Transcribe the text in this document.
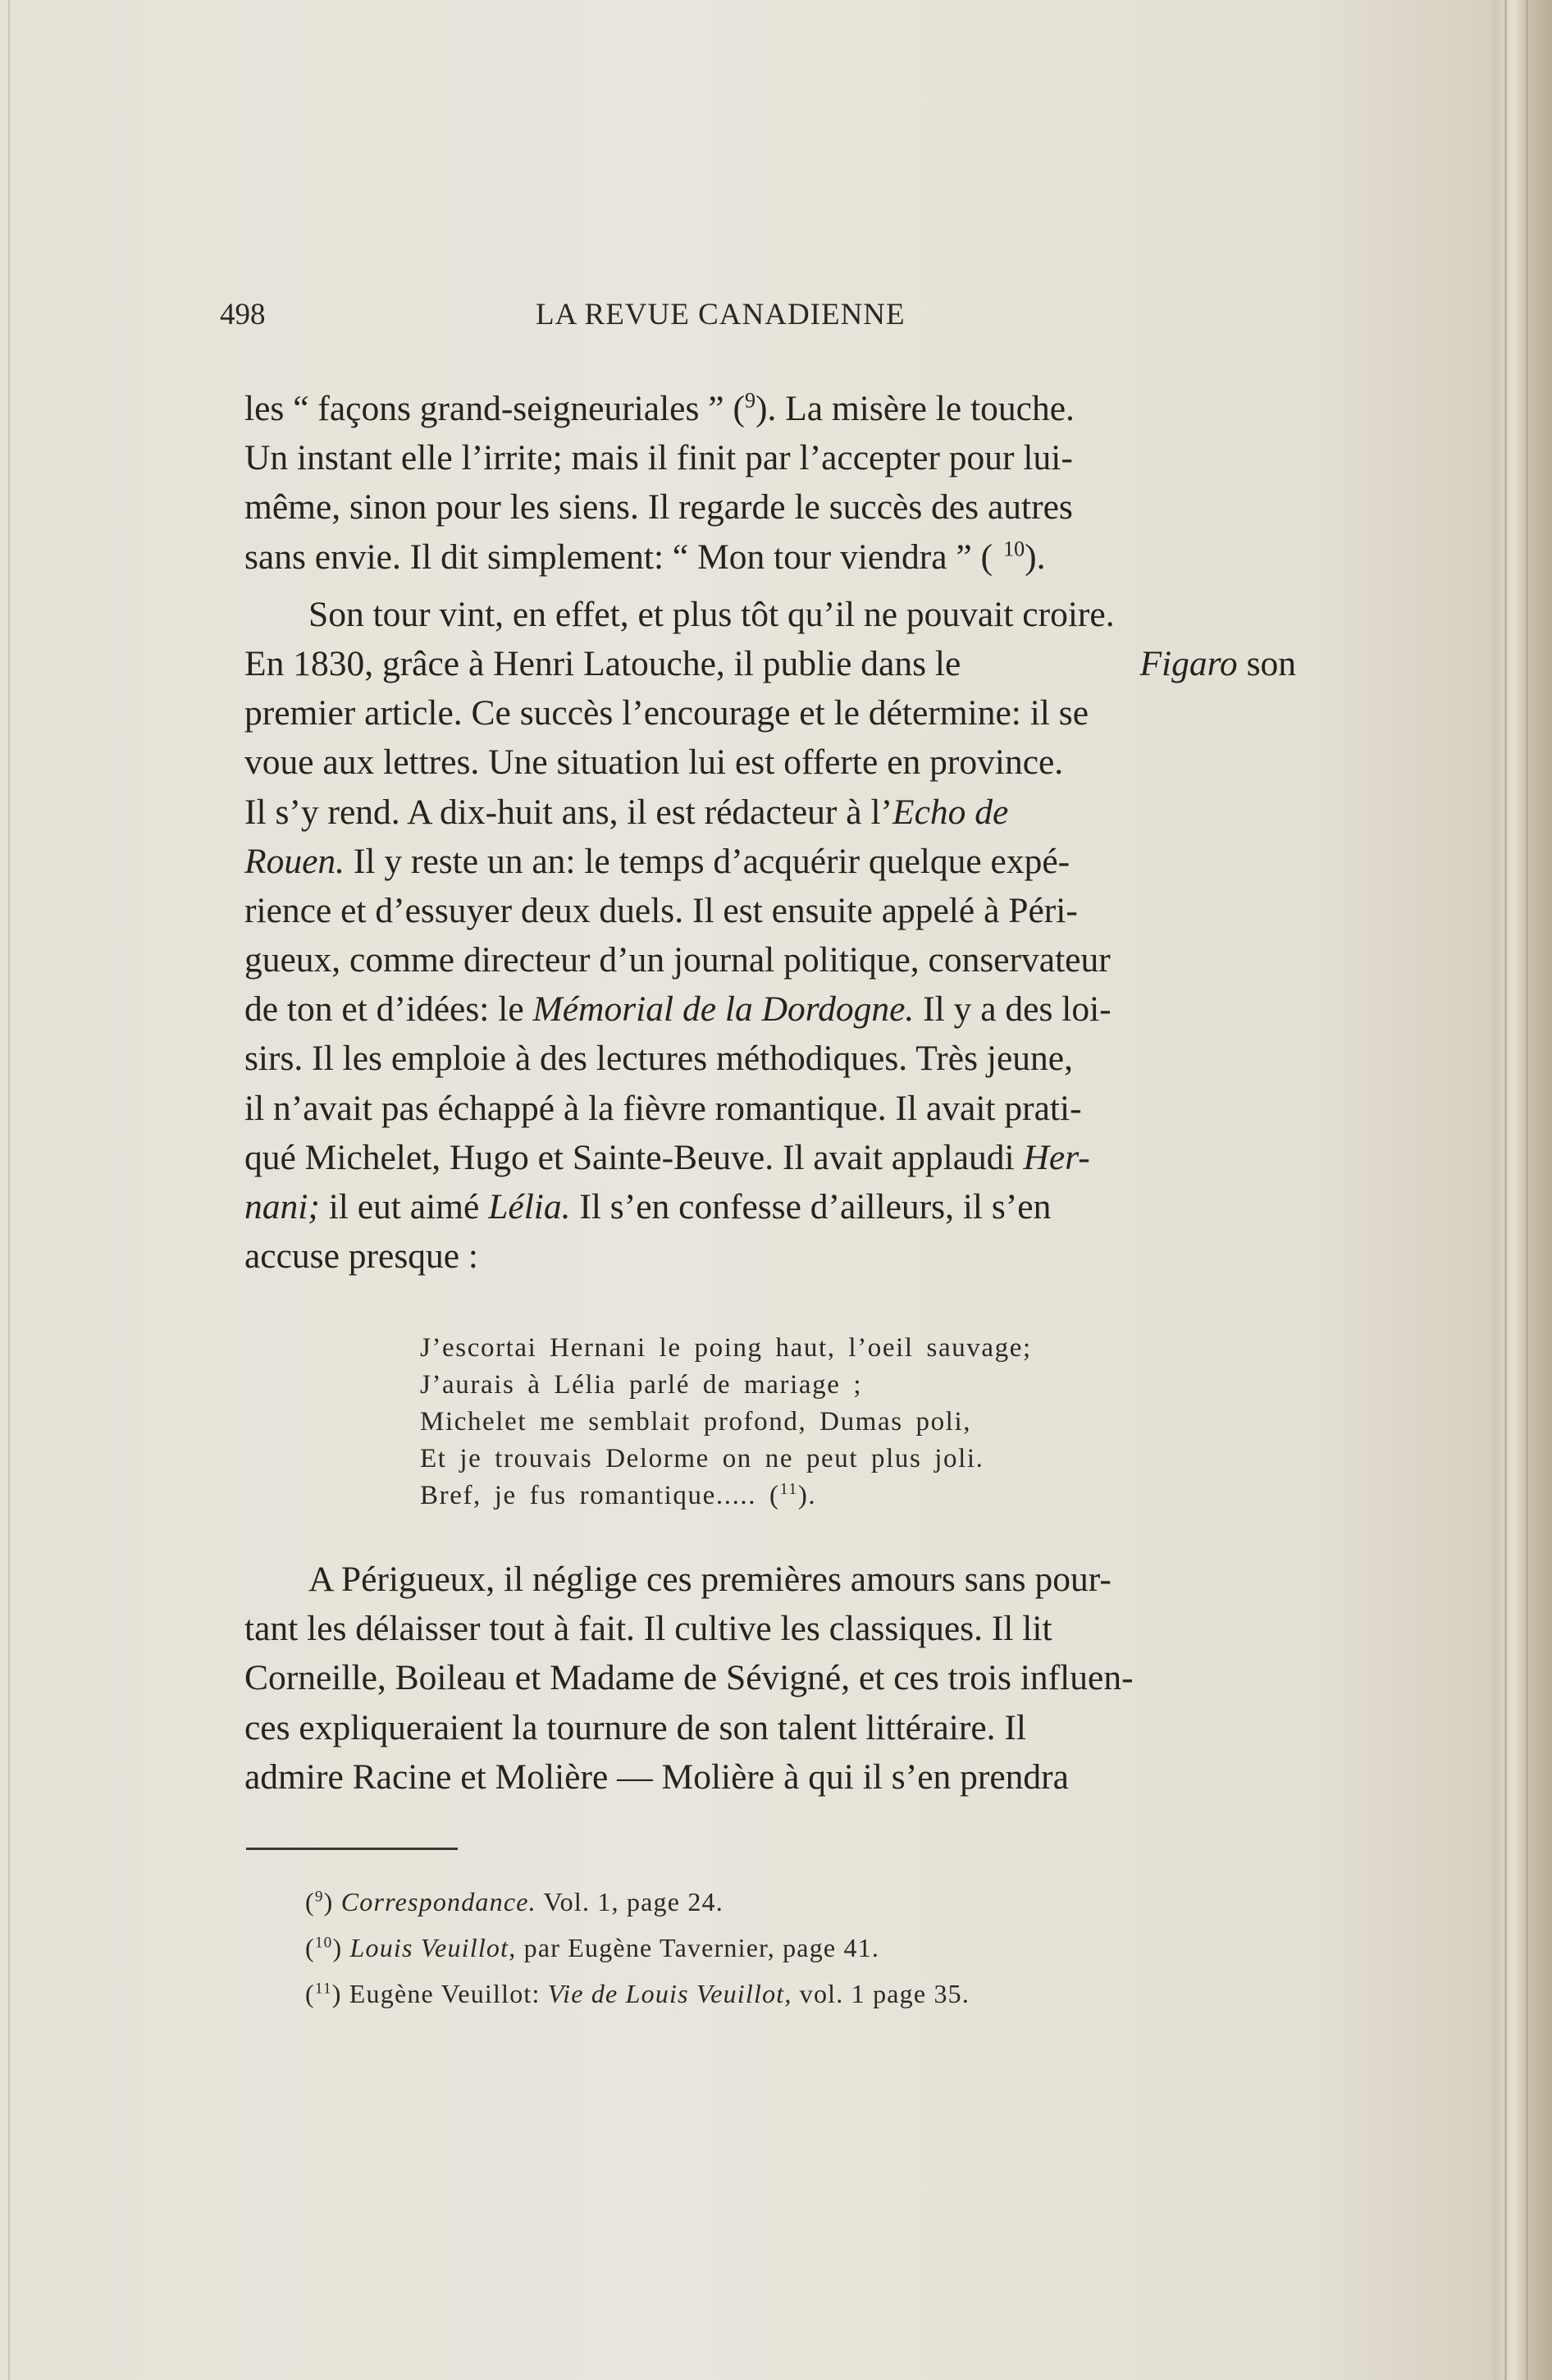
498	LA REVUE CANADIENNE
les “ façons grand-seigneuriales ” ($^9$). La misère le touche.
Un instant elle l’irrite; mais il finit par l’accepter pour lui-
même, sinon pour les siens. Il regarde le succès des autres
sans envie. Il dit simplement: “ Mon tour viendra ” ( $^{10}$).
Son tour vint, en effet, et plus tôt qu’il ne pouvait croire.
En 1830, grâce à Henri Latouche, il publie dans le	Figaro son
premier article. Ce succès l’encourage et le détermine: il se
voue aux lettres. Une situation lui est offerte en province.
Il s’y rend. A dix-huit ans, il est rédacteur à l’Echo de
Rouen. Il y reste un an: le temps d’acquérir quelque expé-
rience et d’essuyer deux duels. Il est ensuite appelé à Péri-
gueux, comme directeur d’un journal politique, conservateur
de ton et d’idées: le Mémorial de la Dordogne. Il y a des loi-
sirs. Il les emploie à des lectures méthodiques. Très jeune,
il n’avait pas échappé à la fièvre romantique. Il avait prati-
qué Michelet, Hugo et Sainte-Beuve. Il avait applaudi Her-
nani; il eut aimé Lélia. Il s’en confesse d’ailleurs, il s’en
accuse presque :
J’escortai Hernani le poing haut, l’oeil sauvage;
J’aurais à Lélia parlé de mariage ;
Michelet me semblait profond, Dumas poli,
Et je trouvais Delorme on ne peut plus joli.
Bref, je fus romantique..... ($^{11}$).
A Périgueux, il néglige ces premières amours sans pour-
tant les délaisser tout à fait. Il cultive les classiques. Il lit
Corneille, Boileau et Madame de Sévigné, et ces trois influen-
ces expliqueraient la tournure de son talent littéraire. Il
admire Racine et Molière — Molière à qui il s’en prendra
($^9$) Correspondance. Vol. 1, page 24.
($^{10}$) Louis Veuillot, par Eugène Tavernier, page 41.
($^{11}$) Eugène Veuillot: Vie de Louis Veuillot, vol. 1 page 35.
